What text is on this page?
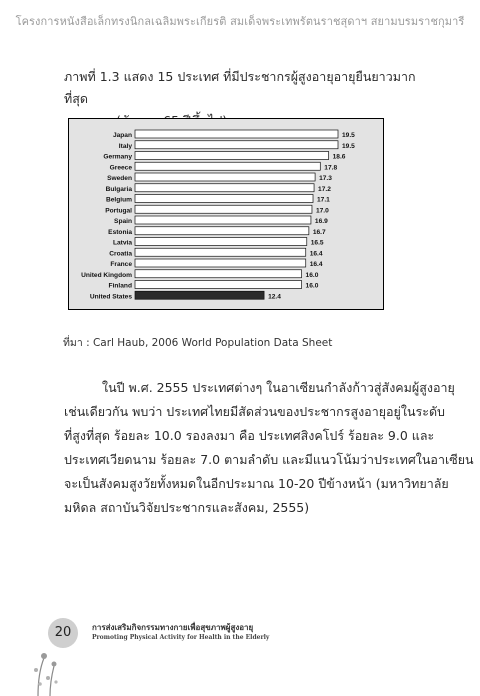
โครงการหนังสือเล็กทรงนิกลเฉลิมพระเกียรติ สมเด็จพระเทพรัตนราชสุดาฯ สยามบรมราชกุมารี
ภาพที่ 1.3 แสดง 15 ประเทศ ที่มีประชากรผู้สูงอายุอายุยืนยาวมากที่สุด
Japan	19.5
Italy	19.5
Germany	18.6
Greece	17.8
Sweden	17.3
Bulgaria	17.2
Belgium	17.1
Portugal	17.0
Spain	16.9
Estonia	16.7
Latvia	16.5
Croatia	16.4
France	16.4
United Kingdom	16.0
Finland	16.0
United States	12.4
ที่มา : Carl Haub, 2006 World Population Data Sheet
ในปี พ.ศ. 2555 ประเทศต่างๆ ในอาเซียนกำลังก้าวสู่สังคมผู้สูงอายุ
เช่นเดียวกัน พบว่า ประเทศไทยมีสัดส่วนของประชากรสูงอายุอยู่ในระดับ
ที่สูงที่สุด ร้อยละ 10.0 รองลงมา คือ ประเทศสิงคโปร์ ร้อยละ 9.0 และ
ประเทศเวียดนาม ร้อยละ 7.0 ตามลำดับ และมีแนวโน้มว่าประเทศในอาเซียน
จะเป็นสังคมสูงวัยทั้งหมดในอีกประมาณ 10-20 ปีข้างหน้า (มหาวิทยาลัย
มหิดล สถาบันวิจัยประชากรและสังคม, 2555)
20	การส่งเสริมกิจกรรมทางกายเพื่อสุขภาพผู้สูงอายุ
Promoting Physical Activity for Health in the Elderly
